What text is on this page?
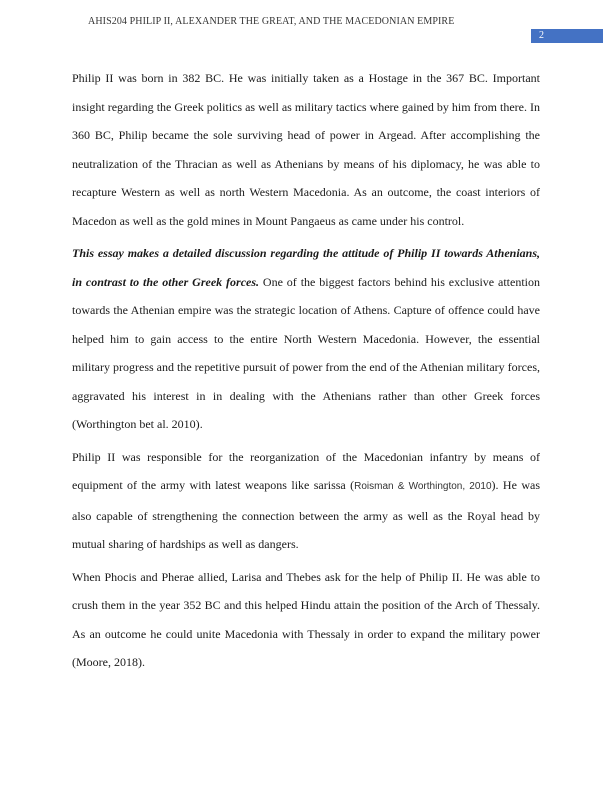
AHIS204 PHILIP II, ALEXANDER THE GREAT, AND THE MACEDONIAN EMPIRE
2

Philip II was born in 382 BC. He was initially taken as a Hostage in the 367 BC. Important insight regarding the Greek politics as well as military tactics where gained by him from there. In 360 BC, Philip became the sole surviving head of power in Argead. After accomplishing the neutralization of the Thracian as well as Athenians by means of his diplomacy, he was able to recapture Western as well as north Western Macedonia. As an outcome, the coast interiors of Macedon as well as the gold mines in Mount Pangaeus as came under his control.

This essay makes a detailed discussion regarding the attitude of Philip II towards Athenians, in contrast to the other Greek forces. One of the biggest factors behind his exclusive attention towards the Athenian empire was the strategic location of Athens. Capture of offence could have helped him to gain access to the entire North Western Macedonia. However, the essential military progress and the repetitive pursuit of power from the end of the Athenian military forces, aggravated his interest in in dealing with the Athenians rather than other Greek forces (Worthington bet al. 2010).

Philip II was responsible for the reorganization of the Macedonian infantry by means of equipment of the army with latest weapons like sarissa (Roisman & Worthington, 2010). He was also capable of strengthening the connection between the army as well as the Royal head by mutual sharing of hardships as well as dangers.

When Phocis and Pherae allied, Larisa and Thebes ask for the help of Philip II. He was able to crush them in the year 352 BC and this helped Hindu attain the position of the Arch of Thessaly. As an outcome he could unite Macedonia with Thessaly in order to expand the military power (Moore, 2018).
